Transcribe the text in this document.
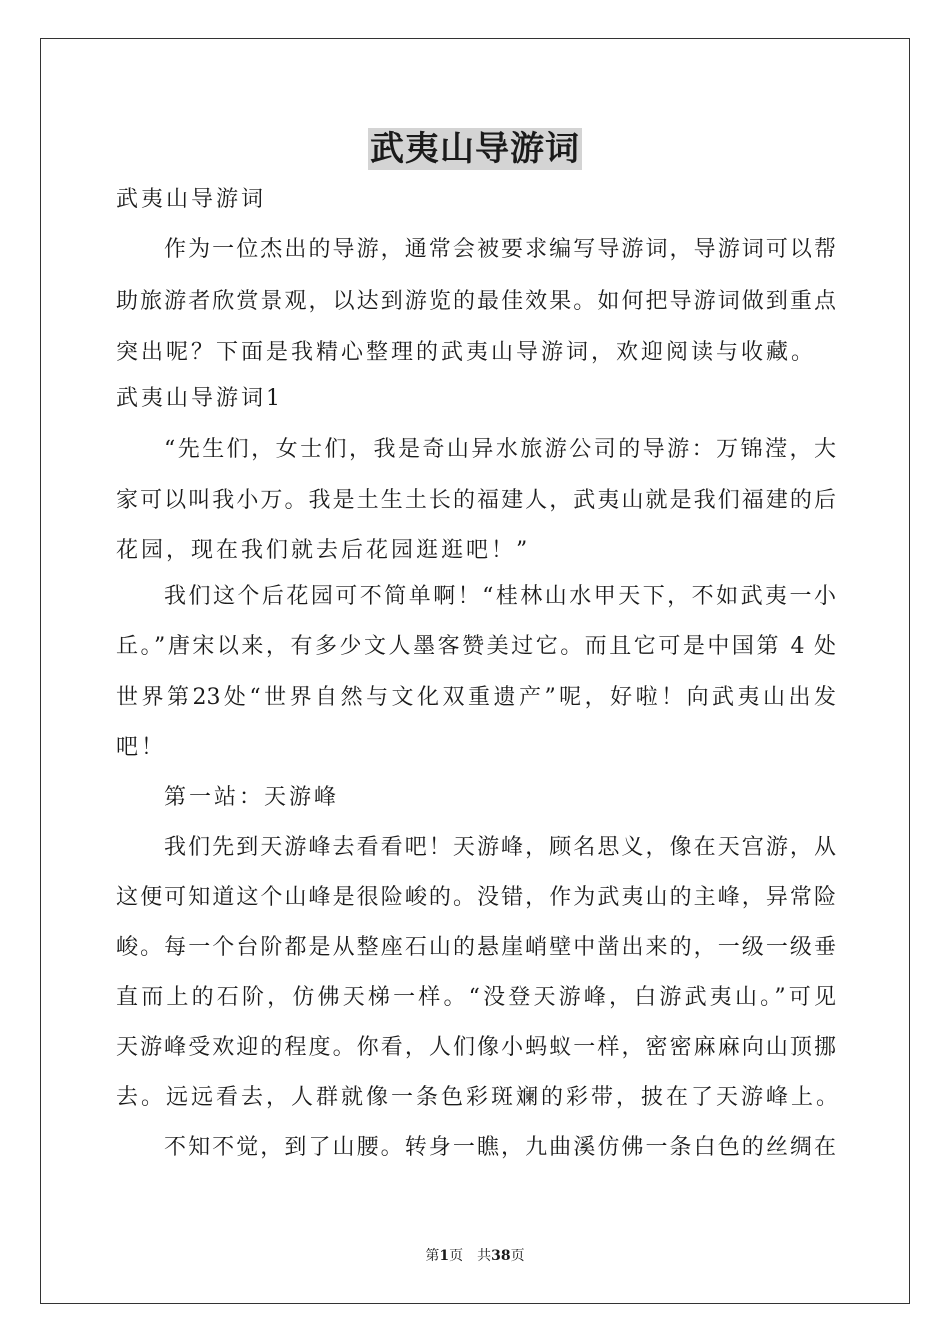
武夷山导游词
武夷山导游词
作为一位杰出的导游，通常会被要求编写导游词，导游词可以帮
助旅游者欣赏景观，以达到游览的最佳效果。如何把导游词做到重点
突出呢？下面是我精心整理的武夷山导游词，欢迎阅读与收藏。
武夷山导游词1
“先生们，女士们，我是奇山异水旅游公司的导游：万锦滢，大
家可以叫我小万。我是土生土长的福建人，武夷山就是我们福建的后
花园，现在我们就去后花园逛逛吧！”
我们这个后花园可不简单啊！“桂林山水甲天下，不如武夷一小
丘。”唐宋以来，有多少文人墨客赞美过它。而且它可是中国第 4 处
世界第23处“世界自然与文化双重遗产”呢，好啦！向武夷山出发
吧！
第一站：天游峰
我们先到天游峰去看看吧！天游峰，顾名思义，像在天宫游，从
这便可知道这个山峰是很险峻的。没错，作为武夷山的主峰，异常险
峻。每一个台阶都是从整座石山的悬崖峭壁中凿出来的，一级一级垂
直而上的石阶，仿佛天梯一样。“没登天游峰，白游武夷山。”可见
天游峰受欢迎的程度。你看，人们像小蚂蚁一样，密密麻麻向山顶挪
去。远远看去，人群就像一条色彩斑斓的彩带，披在了天游峰上。
不知不觉，到了山腰。转身一瞧，九曲溪仿佛一条白色的丝绸在
第1页　共38页
